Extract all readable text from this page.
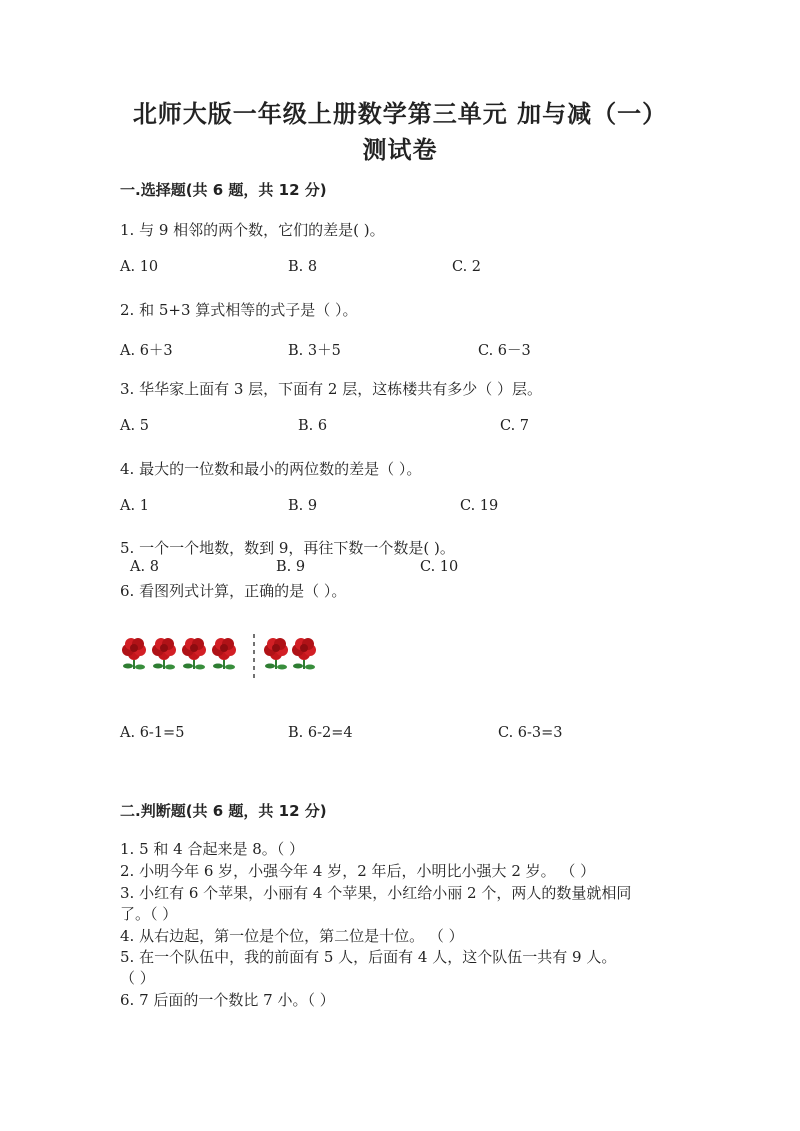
北师大版一年级上册数学第三单元 加与减（一）
测试卷
一.选择题(共 6 题，共 12 分)
1. 与 9 相邻的两个数，它们的差是( )。
A. 10	B. 8	C. 2
2. 和 5+3 算式相等的式子是（ ）。
A. 6＋3	B. 3＋5	C. 6－3
3. 华华家上面有 3 层，下面有 2 层，这栋楼共有多少（ ）层。
A. 5	B. 6	C. 7
4. 最大的一位数和最小的两位数的差是（ ）。
A. 1	B. 9	C. 19
5. 一个一个地数，数到 9，再往下数一个数是( )。
A. 8	B. 9	C. 10
6. 看图列式计算，正确的是（ ）。
A. 6-1=5	B. 6-2=4	C. 6-3=3
二.判断题(共 6 题，共 12 分)
1. 5 和 4 合起来是 8。（ ）
2. 小明今年 6 岁，小强今年 4 岁，2 年后，小明比小强大 2 岁。 （ ）
3. 小红有 6 个苹果，小丽有 4 个苹果，小红给小丽 2 个，两人的数量就相同
了。（ ）
4. 从右边起，第一位是个位，第二位是十位。 （ ）
5. 在一个队伍中，我的前面有 5 人，后面有 4 人，这个队伍一共有 9 人。
（ ）
6. 7 后面的一个数比 7 小。（ ）
